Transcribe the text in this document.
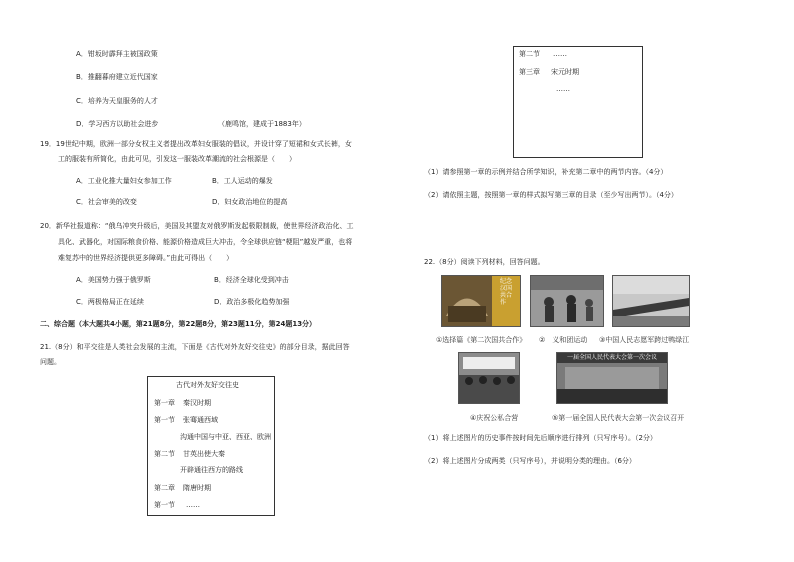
A．钳坂时霹拜主被国政策
B．推翻暮府建立近代国家
C．培养为天皇服务的人才
D．学习西方以助社会进步	（鹿鸣馆，建成于1883年）
19．19世纪中期，欧洲一部分女权主义者提出改革妇女服装的倡议，并设计穿了短裙和女式长裤，女
工的服装有所简化，由此可见，引发这一服装改革潮流的社会根源是（　　）
A．工业化推大量妇女参加工作	B．工人运动的爆发
C．社会审美的改变	D．妇女政治地位的提高
20．新华社报道称：“俄乌冲突升级后，美国及其盟友对俄罗斯发起极限制裁，使世界经济政治化、工
具化、武器化，对国际粮食价格、能源价格造成巨大冲击，令全球供应链“梗阻”越发严重，也将
难复苏中的世界经济提供更多障碍。”由此可得出（　　）
A．美国势力强于俄罗斯	B．经济全球化受到冲击
C．两极格局正在延续	D．政治多极化趋势加强
二、综合题（本大题共4小题，第21题8分，第22题8分，第23题11分，第24题13分）
21.（8分）和平交往是人类社会发展的主流，下面是《古代对外友好交往史》的部分目录，据此回答
问题。
古代对外友好交往史
第一章 秦汉时期
第一节 张骞通西域
沟通中国与中亚、西亚、欧洲
第二节 甘英出使大秦
开辟通往西方的路线
第二章 隋唐时期
第一节 ……
第二节 ……
第三章 宋元时期
……
（1）请参照第一章的示例并结合所学知识，补充第二章中的两节内容。（4分）
（2）请依照主题，按照第一章的样式拟写第三章的目录（至少写出两节）。（4分）
22.（8分）阅读下列材料，回答问题。
纪念汉国共合作
①选择篇《第二次国共合作》 ②　义和团运动 ③中国人民志愿军跨过鸭绿江
一届全国人民代表大会第一次会议
④庆祝公私合营	⑤第一届全国人民代表大会第一次会议召开
（1）将上述图片的历史事件按时间先后顺序进行排列（只写序号）。（2分）
（2）将上述图片分成两类（只写序号），并说明分类的理由。（6分）
